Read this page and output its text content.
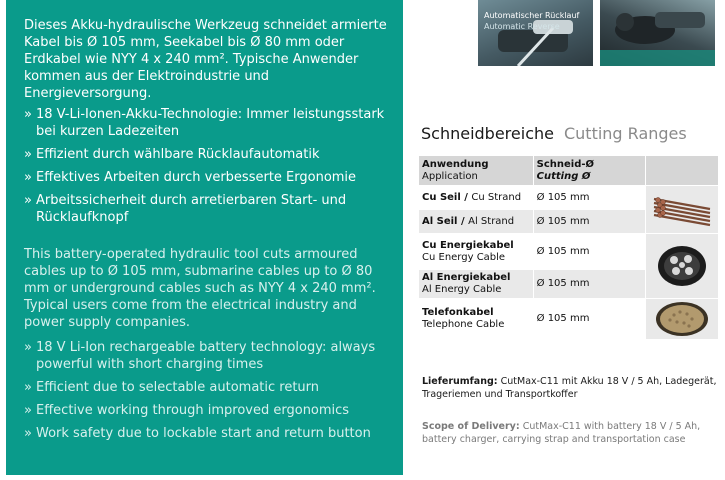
Dieses Akku-hydraulische Werkzeug schneidet armierte Kabel bis Ø 105 mm, Seekabel bis Ø 80 mm oder Erdkabel wie NYY 4 x 240 mm². Typische Anwender kommen aus der Elektroindustrie und Energieversorgung.
» 18 V-Li-Ionen-Akku-Technologie: Immer leistungsstark bei kurzen Ladezeiten
» Effizient durch wählbare Rücklaufautomatik
» Effektives Arbeiten durch verbesserte Ergonomie
» Arbeitssicherheit durch arretierbaren Start- und Rücklaufknopf

This battery-operated hydraulic tool cuts armoured cables up to Ø 105 mm, submarine cables up to Ø 80 mm or underground cables such as NYY 4 x 240 mm².

Typical users come from the electrical industry and power supply companies.

» 18 V Li-Ion rechargeable battery technology: always powerful with short charging times
» Efficient due to selectable automatic return
» Effective working through improved ergonomics
» Work safety due to lockable start and return button
Automatischer Rücklauf
Automatic Reverse
Schneidbereiche Cutting Ranges
Anwendung
Application	Schneid-Ø
Cutting Ø	
Cu Seil / Cu Strand	Ø 105 mm	

Al Seil / Al Strand	Ø 105 mm	
Cu Energiekabel
Cu Energy Cable	Ø 105 mm	

Al Energiekabel
Al Energy Cable	Ø 105 mm	
Telefonkabel
Telephone Cable	Ø 105 mm	
Lieferumfang: CutMax-C11 mit Akku 18 V / 5 Ah, Ladegerät, Trageriemen und Transportkoffer
Scope of Delivery: CutMax-C11 with battery 18 V / 5 Ah, battery charger, carrying strap and transportation case
